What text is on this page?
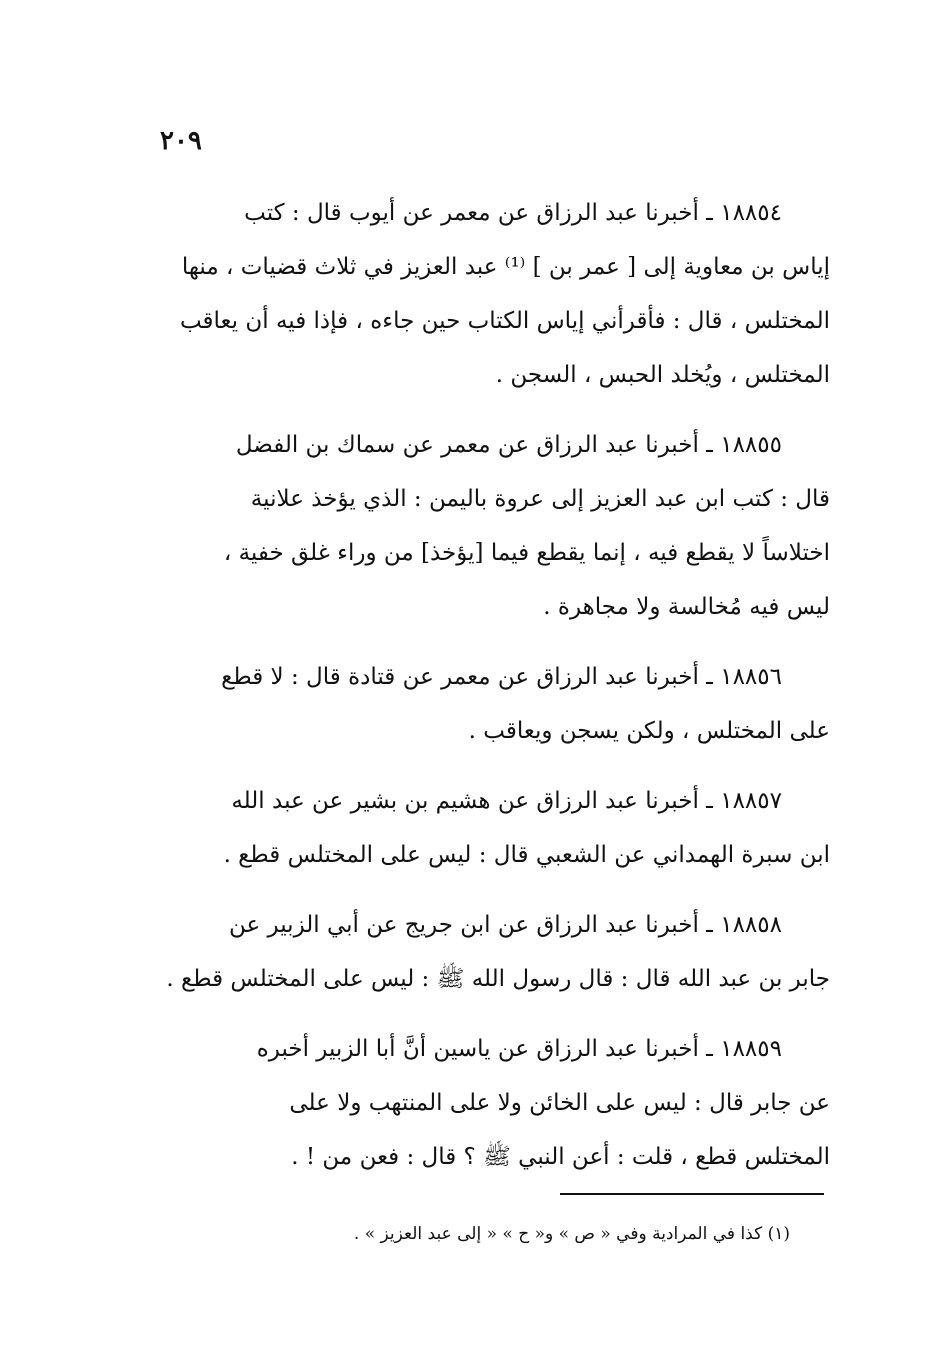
٢٠٩
١٨٨٥٤ ـ أخبرنا عبد الرزاق عن معمر عن أيوب قال : كتب
إياس بن معاوية إلى [ عمر بن ] ⁽¹⁾ عبد العزيز في ثلاث قضيات ، منها
المختلس ، قال : فأقرأني إياس الكتاب حين جاءه ، فإذا فيه أن يعاقب
المختلس ، ويُخلد الحبس ، السجن .
١٨٨٥٥ ـ أخبرنا عبد الرزاق عن معمر عن سماك بن الفضل
قال : كتب ابن عبد العزيز إلى عروة باليمن : الذي يؤخذ علانية
اختلاساً لا يقطع فيه ، إنما يقطع فيما [يؤخذ] من وراء غلق خفية ،
ليس فيه مُخالسة ولا مجاهرة .
١٨٨٥٦ ـ أخبرنا عبد الرزاق عن معمر عن قتادة قال : لا قطع
على المختلس ، ولكن يسجن ويعاقب .
١٨٨٥٧ ـ أخبرنا عبد الرزاق عن هشيم بن بشير عن عبد الله
ابن سبرة الهمداني عن الشعبي قال : ليس على المختلس قطع .
١٨٨٥٨ ـ أخبرنا عبد الرزاق عن ابن جريج عن أبي الزبير عن
جابر بن عبد الله قال : قال رسول الله ﷺ : ليس على المختلس قطع .
١٨٨٥٩ ـ أخبرنا عبد الرزاق عن ياسين أنَّ أبا الزبير أخبره
عن جابر قال : ليس على الخائن ولا على المنتهب ولا على
المختلس قطع ، قلت : أعن النبي ﷺ ؟ قال : فعن من ! .
(١) كذا في المرادية وفي « ص » و« ح » « إلى عبد العزيز » .
